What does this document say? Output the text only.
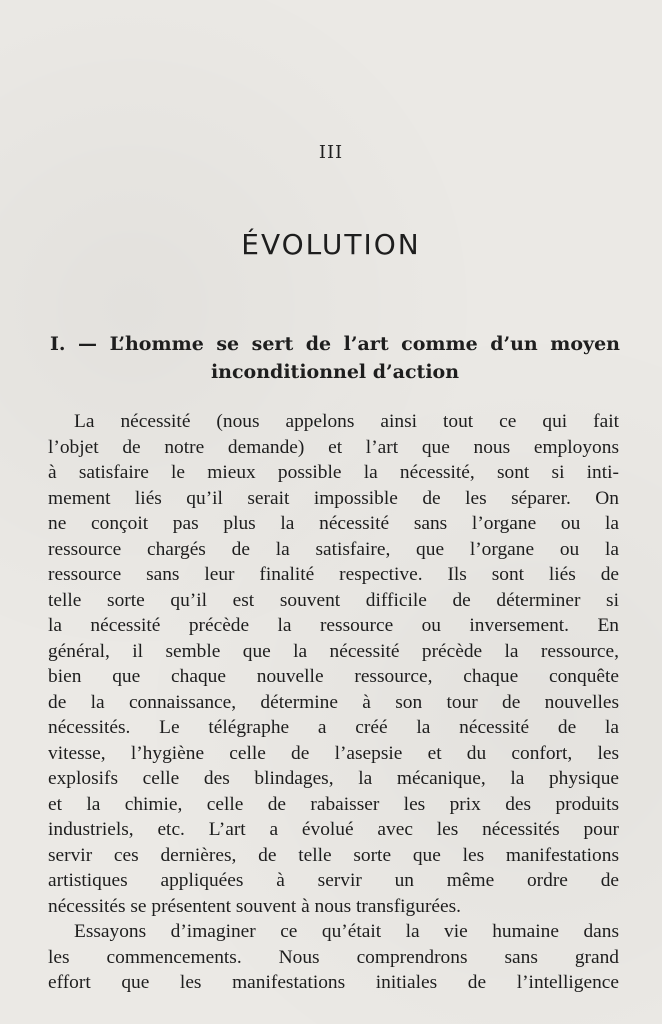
III
ÉVOLUTION
I. — L’homme se sert de l’art comme d’un moyen
inconditionnel d’action
La nécessité (nous appelons ainsi tout ce qui fait
l’objet de notre demande) et l’art que nous employons
à satisfaire le mieux possible la nécessité, sont si inti-
mement liés qu’il serait impossible de les séparer. On
ne conçoit pas plus la nécessité sans l’organe ou la
ressource chargés de la satisfaire, que l’organe ou la
ressource sans leur finalité respective. Ils sont liés de
telle sorte qu’il est souvent difficile de déterminer si
la nécessité précède la ressource ou inversement. En
général, il semble que la nécessité précède la ressource,
bien que chaque nouvelle ressource, chaque conquête
de la connaissance, détermine à son tour de nouvelles
nécessités. Le télégraphe a créé la nécessité de la
vitesse, l’hygiène celle de l’asepsie et du confort, les
explosifs celle des blindages, la mécanique, la physique
et la chimie, celle de rabaisser les prix des produits
industriels, etc. L’art a évolué avec les nécessités pour
servir ces dernières, de telle sorte que les manifestations
artistiques appliquées à servir un même ordre de
nécessités se présentent souvent à nous transfigurées.
Essayons d’imaginer ce qu’était la vie humaine dans
les commencements. Nous comprendrons sans grand
effort que les manifestations initiales de l’intelligence
